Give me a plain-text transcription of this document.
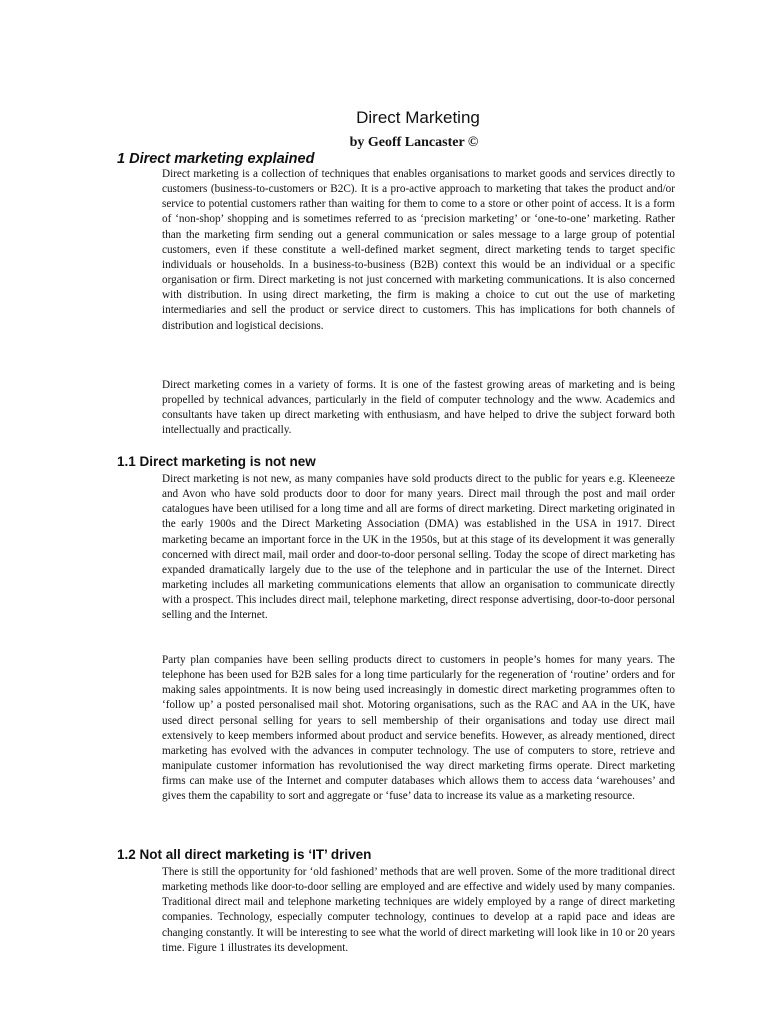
Direct Marketing

by Geoff Lancaster ©

1 Direct marketing explained

Direct marketing is a collection of techniques that enables organisations to market goods and services directly to customers (business-to-customers or B2C). It is a pro-active approach to marketing that takes the product and/or service to potential customers rather than waiting for them to come to a store or other point of access. It is a form of ‘non-shop’ shopping and is sometimes referred to as ‘precision marketing’ or ‘one-to-one’ marketing. Rather than the marketing firm sending out a general communication or sales message to a large group of potential customers, even if these constitute a well-defined market segment, direct marketing tends to target specific individuals or households. In a business-to-business (B2B) context this would be an individual or a specific organisation or firm. Direct marketing is not just concerned with marketing communications. It is also concerned with distribution. In using direct marketing, the firm is making a choice to cut out the use of marketing intermediaries and sell the product or service direct to customers. This has implications for both channels of distribution and logistical decisions.

Direct marketing comes in a variety of forms. It is one of the fastest growing areas of marketing and is being propelled by technical advances, particularly in the field of computer technology and the www. Academics and consultants have taken up direct marketing with enthusiasm, and have helped to drive the subject forward both intellectually and practically.

1.1 Direct marketing is not new

Direct marketing is not new, as many companies have sold products direct to the public for years e.g. Kleeneeze and Avon who have sold products door to door for many years. Direct mail through the post and mail order catalogues have been utilised for a long time and all are forms of direct marketing. Direct marketing originated in the early 1900s and the Direct Marketing Association (DMA) was established in the USA in 1917. Direct marketing became an important force in the UK in the 1950s, but at this stage of its development it was generally concerned with direct mail, mail order and door-to-door personal selling. Today the scope of direct marketing has expanded dramatically largely due to the use of the telephone and in particular the use of the Internet. Direct marketing includes all marketing communications elements that allow an organisation to communicate directly with a prospect. This includes direct mail, telephone marketing, direct response advertising, door-to-door personal selling and the Internet.

Party plan companies have been selling products direct to customers in people’s homes for many years. The telephone has been used for B2B sales for a long time particularly for the regeneration of ‘routine’ orders and for making sales appointments. It is now being used increasingly in domestic direct marketing programmes often to ‘follow up’ a posted personalised mail shot. Motoring organisations, such as the RAC and AA in the UK, have used direct personal selling for years to sell membership of their organisations and today use direct mail extensively to keep members informed about product and service benefits. However, as already mentioned, direct marketing has evolved with the advances in computer technology. The use of computers to store, retrieve and manipulate customer information has revolutionised the way direct marketing firms operate. Direct marketing firms can make use of the Internet and computer databases which allows them to access data ‘warehouses’ and gives them the capability to sort and aggregate or ‘fuse’ data to increase its value as a marketing resource.

1.2 Not all direct marketing is ‘IT’ driven

There is still the opportunity for ‘old fashioned’ methods that are well proven. Some of the more traditional direct marketing methods like door-to-door selling are employed and are effective and widely used by many companies. Traditional direct mail and telephone marketing techniques are widely employed by a range of direct marketing companies. Technology, especially computer technology, continues to develop at a rapid pace and ideas are changing constantly. It will be interesting to see what the world of direct marketing will look like in 10 or 20 years time. Figure 1 illustrates its development.
